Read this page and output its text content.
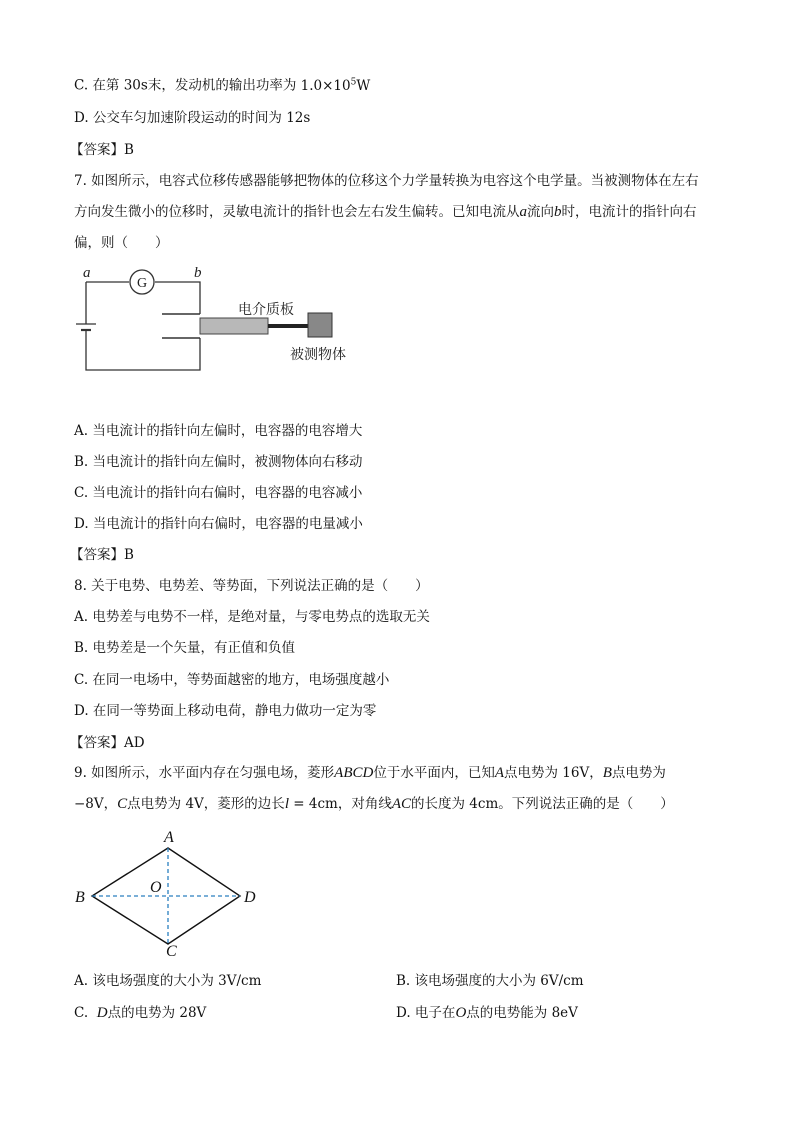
C. 在第 30s末，发动机的输出功率为 $1.0\times 10^5W$
D. 公交车匀加速阶段运动的时间为 12s
【答案】B
7. 如图所示，电容式位移传感器能够把物体的位移这个力学量转换为电容这个电学量。当被测物体在左右
方向发生微小的位移时，灵敏电流计的指针也会左右发生偏转。已知电流从a流向b时，电流计的指针向右
偏，则（　　）
G
a	b
电介质板
被测物体
A. 当电流计的指针向左偏时，电容器的电容增大
B. 当电流计的指针向左偏时，被测物体向右移动
C. 当电流计的指针向右偏时，电容器的电容减小
D. 当电流计的指针向右偏时，电容器的电量减小
【答案】B
8. 关于电势、电势差、等势面，下列说法正确的是（　　）
A. 电势差与电势不一样，是绝对量，与零电势点的选取无关
B. 电势差是一个矢量，有正值和负值
C. 在同一电场中，等势面越密的地方，电场强度越小
D. 在同一等势面上移动电荷，静电力做功一定为零
【答案】AD
9. 如图所示，水平面内存在匀强电场，菱形ABCD位于水平面内，已知A点电势为 16V，B点电势为
−8V，C点电势为 4V，菱形的边长l = 4cm，对角线AC的长度为 4cm。下列说法正确的是（　　）
A
B
C
D
O
A. 该电场强度的大小为 3V/cm	B. 该电场强度的大小为 6V/cm
C. D点的电势为 28V	D. 电子在O点的电势能为 8eV
